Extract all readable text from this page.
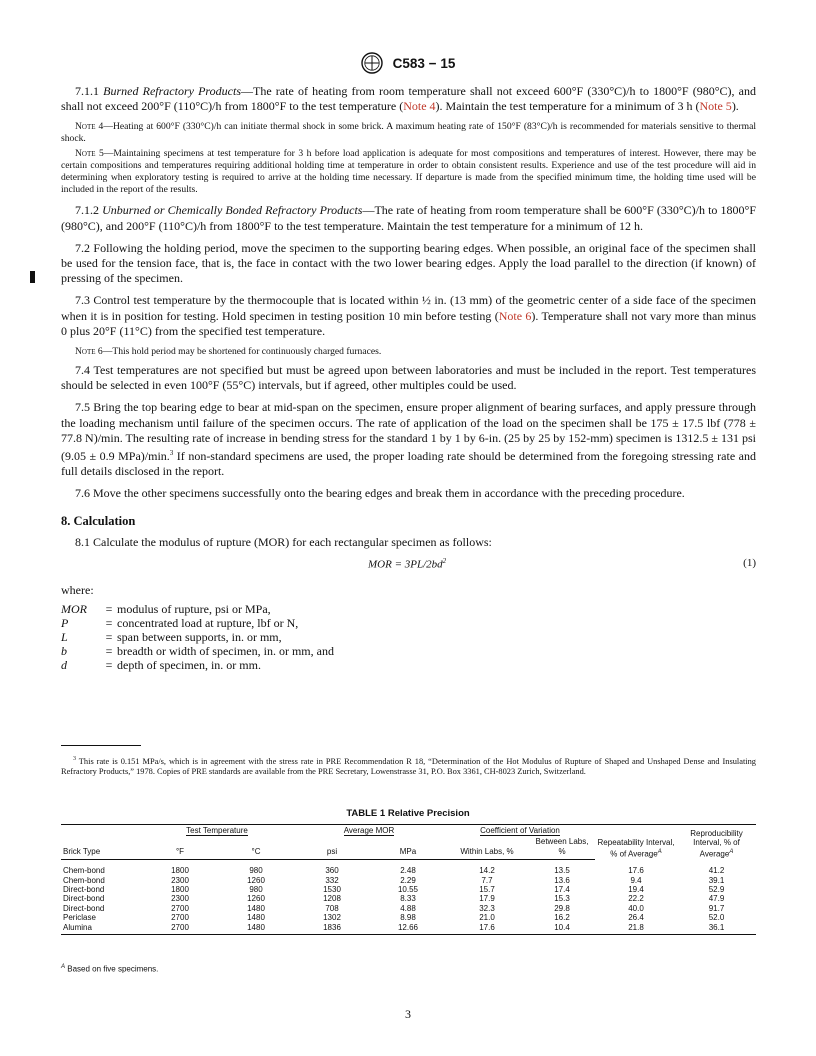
C583 − 15

7.1.1 Burned Refractory Products—The rate of heating from room temperature shall not exceed 600°F (330°C)/h to 1800°F (980°C), and shall not exceed 200°F (110°C)/h from 1800°F to the test temperature (Note 4). Maintain the test temperature for a minimum of 3 h (Note 5).

Note 4—Heating at 600°F (330°C)/h can initiate thermal shock in some brick. A maximum heating rate of 150°F (83°C)/h is recommended for materials sensitive to thermal shock.

Note 5—Maintaining specimens at test temperature for 3 h before load application is adequate for most compositions and temperatures of interest. However, there may be certain compositions and temperatures requiring additional holding time at temperature in order to obtain consistent results. Experience and use of the test procedure will aid in determining when exploratory testing is required to arrive at the holding time necessary. If departure is made from the specified minimum time, the holding time used will be included in the report of the results.

7.1.2 Unburned or Chemically Bonded Refractory Products—The rate of heating from room temperature shall be 600°F (330°C)/h to 1800°F (980°C), and 200°F (110°C)/h from 1800°F to the test temperature. Maintain the test temperature for a minimum of 12 h.

7.2 Following the holding period, move the specimen to the supporting bearing edges. When possible, an original face of the specimen shall be used for the tension face, that is, the face in contact with the two lower bearing edges. Apply the load parallel to the direction (if known) of pressing of the specimen.

7.3 Control test temperature by the thermocouple that is located within ½ in. (13 mm) of the geometric center of a side face of the specimen when it is in position for testing. Hold specimen in testing position 10 min before testing (Note 6). Temperature shall not vary more than minus 0 plus 20°F (11°C) from the specified test temperature.

Note 6—This hold period may be shortened for continuously charged furnaces.

7.4 Test temperatures are not specified but must be agreed upon between laboratories and must be included in the report. Test temperatures should be selected in even 100°F (55°C) intervals, but if agreed, other multiples could be used.

7.5 Bring the top bearing edge to bear at mid-span on the specimen, ensure proper alignment of bearing surfaces, and apply pressure through the loading mechanism until failure of the specimen occurs. The rate of application of the load on the specimen shall be 175 ± 17.5 lbf (778 ± 77.8 N)/min. The resulting rate of increase in bending stress for the standard 1 by 1 by 6-in. (25 by 25 by 152-mm) specimen is 1312.5 ± 131 psi (9.05 ± 0.9 MPa)/min.$^3$ If non-standard specimens are used, the proper loading rate should be determined from the foregoing stressing rate and full details disclosed in the report.

7.6 Move the other specimens successfully onto the bearing edges and break them in accordance with the preceding procedure.

8. Calculation

8.1 Calculate the modulus of rupture (MOR) for each rectangular specimen as follows:

MOR = $3PL/2bd^2$	(1)
where:
MOR	=	modulus of rupture, psi or MPa,
P	=	concentrated load at rupture, lbf or N,
L	=	span between supports, in. or mm,
b	=	breadth or width of specimen, in. or mm, and
d	=	depth of specimen, in. or mm.
$^3$ This rate is 0.151 MPa/s, which is in agreement with the stress rate in PRE Recommendation R 18, “Determination of the Hot Modulus of Rupture of Shaped and Unshaped Dense and Insulating Refractory Products,” 1978. Copies of PRE standards are available from the PRE Secretary, Lowenstrasse 31, P.O. Box 3361, CH-8023 Zurich, Switzerland.
TABLE 1 Relative Precision
	Test Temperature		Average MOR		Coefficient of Variation		Repeatability Interval, % of Average$^A$	Reproducibility Interval, % of Average$^A$
Brick Type	°F	°C	psi	MPa	Within Labs, %	Between Labs, %		
Chem-bond	1800	980	360	2.48	14.2	13.5	17.6	41.2
Chem-bond	2300	1260	332	2.29	7.7	13.6	9.4	39.1
Direct-bond	1800	980	1530	10.55	15.7	17.4	19.4	52.9
Direct-bond	2300	1260	1208	8.33	17.9	15.3	22.2	47.9
Direct-bond	2700	1480	708	4.88	32.3	29.8	40.0	91.7
Periclase	2700	1480	1302	8.98	21.0	16.2	26.4	52.0
Alumina	2700	1480	1836	12.66	17.6	10.4	21.8	36.1
$^A$ Based on five specimens.
3
